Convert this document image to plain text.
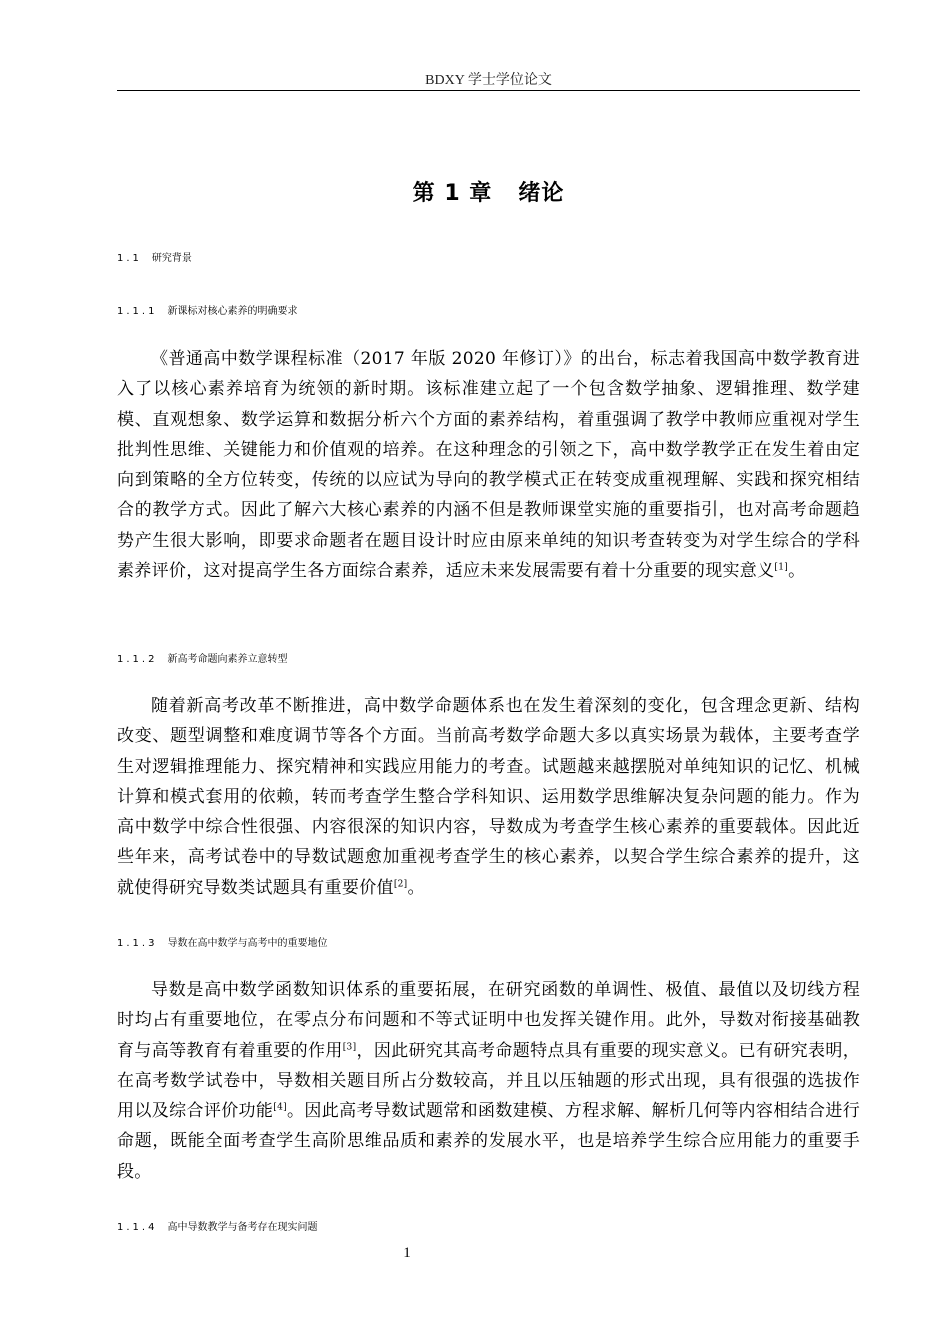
BDXY 学士学位论文
第 1 章 绪论
1.1 研究背景
1.1.1 新课标对核心素养的明确要求

《普通高中数学课程标准（2017 年版 2020 年修订）》的出台，标志着我国高中数学教育进入了以核心素养培育为统领的新时期。该标准建立起了一个包含数学抽象、逻辑推理、数学建模、直观想象、数学运算和数据分析六个方面的素养结构，着重强调了教学中教师应重视对学生批判性思维、关键能力和价值观的培养。在这种理念的引领之下，高中数学教学正在发生着由定向到策略的全方位转变，传统的以应试为导向的教学模式正在转变成重视理解、实践和探究相结合的教学方式。因此了解六大核心素养的内涵不但是教师课堂实施的重要指引，也对高考命题趋势产生很大影响，即要求命题者在题目设计时应由原来单纯的知识考查转变为对学生综合的学科素养评价，这对提高学生各方面综合素养，适应未来发展需要有着十分重要的现实意义[1]。

1.1.2 新高考命题向素养立意转型

随着新高考改革不断推进，高中数学命题体系也在发生着深刻的变化，包含理念更新、结构改变、题型调整和难度调节等各个方面。当前高考数学命题大多以真实场景为载体，主要考查学生对逻辑推理能力、探究精神和实践应用能力的考查。试题越来越摆脱对单纯知识的记忆、机械计算和模式套用的依赖，转而考查学生整合学科知识、运用数学思维解决复杂问题的能力。作为高中数学中综合性很强、内容很深的知识内容，导数成为考查学生核心素养的重要载体。因此近些年来，高考试卷中的导数试题愈加重视考查学生的核心素养，以契合学生综合素养的提升，这就使得研究导数类试题具有重要价值[2]。

1.1.3 导数在高中数学与高考中的重要地位

导数是高中数学函数知识体系的重要拓展，在研究函数的单调性、极值、最值以及切线方程时均占有重要地位，在零点分布问题和不等式证明中也发挥关键作用。此外，导数对衔接基础教育与高等教育有着重要的作用[3]，因此研究其高考命题特点具有重要的现实意义。已有研究表明，在高考数学试卷中，导数相关题目所占分数较高，并且以压轴题的形式出现，具有很强的选拔作用以及综合评价功能[4]。因此高考导数试题常和函数建模、方程求解、解析几何等内容相结合进行命题，既能全面考查学生高阶思维品质和素养的发展水平，也是培养学生综合应用能力的重要手段。

1.1.4 高中导数教学与备考存在现实问题
1
